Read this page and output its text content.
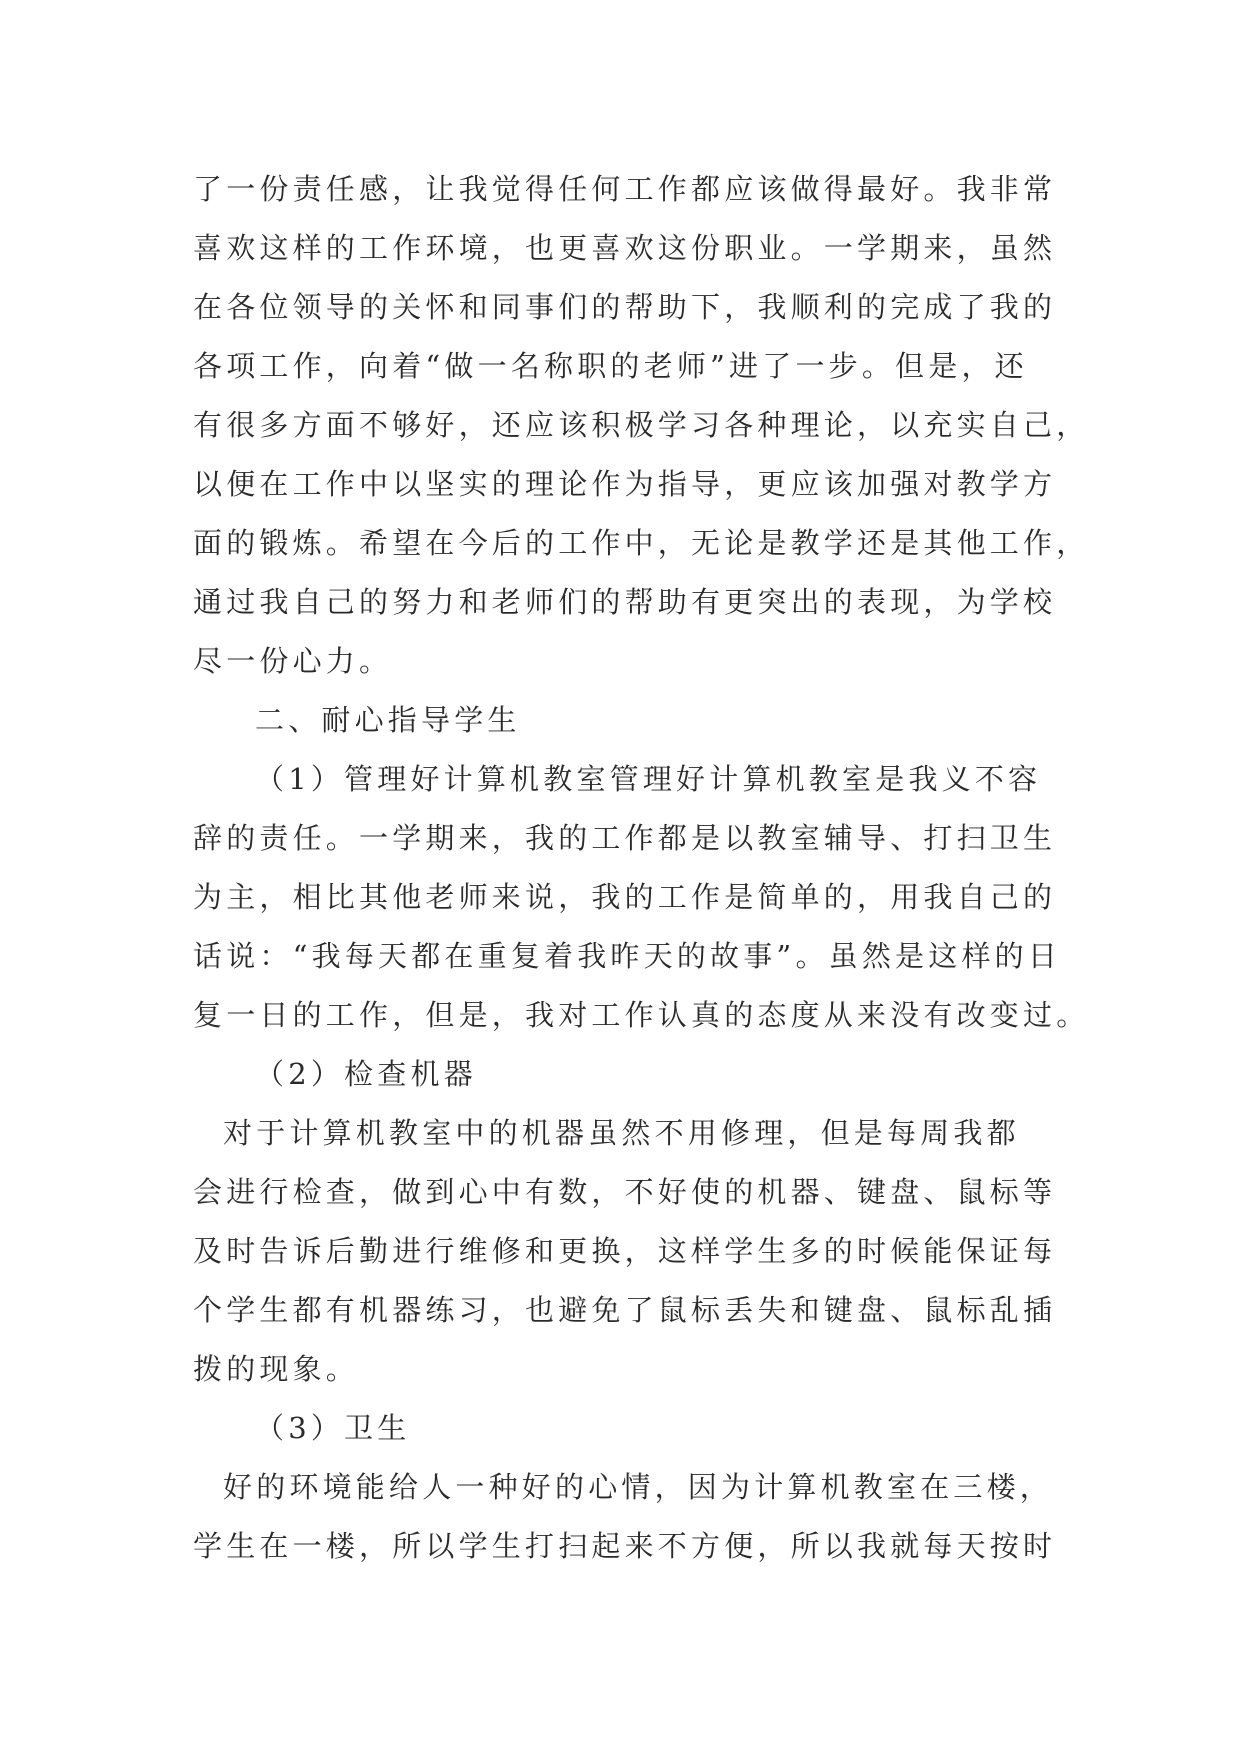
了一份责任感，让我觉得任何工作都应该做得最好。我非常
喜欢这样的工作环境，也更喜欢这份职业。一学期来，虽然
在各位领导的关怀和同事们的帮助下，我顺利的完成了我的
各项工作，向着“做一名称职的老师”进了一步。但是，还
有很多方面不够好，还应该积极学习各种理论，以充实自己，
以便在工作中以坚实的理论作为指导，更应该加强对教学方
面的锻炼。希望在今后的工作中，无论是教学还是其他工作，
通过我自己的努力和老师们的帮助有更突出的表现，为学校
尽一份心力。
二、耐心指导学生
（1）管理好计算机教室管理好计算机教室是我义不容
辞的责任。一学期来，我的工作都是以教室辅导、打扫卫生
为主，相比其他老师来说，我的工作是简单的，用我自己的
话说：“我每天都在重复着我昨天的故事”。虽然是这样的日
复一日的工作，但是，我对工作认真的态度从来没有改变过。
（2）检查机器
对于计算机教室中的机器虽然不用修理，但是每周我都
会进行检查，做到心中有数，不好使的机器、键盘、鼠标等
及时告诉后勤进行维修和更换，这样学生多的时候能保证每
个学生都有机器练习，也避免了鼠标丢失和键盘、鼠标乱插
拨的现象。
（3）卫生
好的环境能给人一种好的心情，因为计算机教室在三楼，
学生在一楼，所以学生打扫起来不方便，所以我就每天按时
